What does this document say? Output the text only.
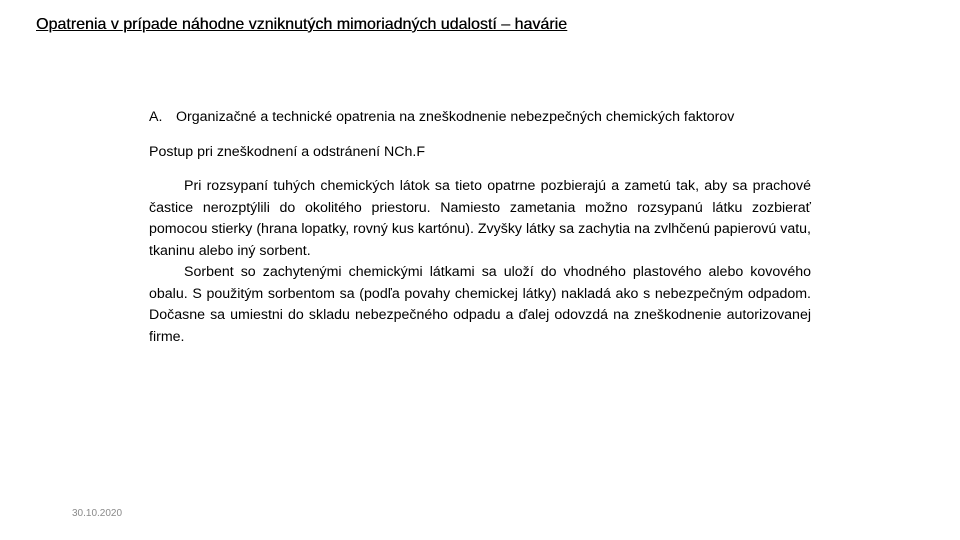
Opatrenia v prípade náhodne vzniknutých mimoriadných udalostí – havárie
A. Organizačné a technické opatrenia na zneškodnenie nebezpečných chemických faktorov
Postup pri zneškodnení a odstránení NCh.F

Pri rozsypaní tuhých chemických látok sa tieto opatrne pozbierajú a zametú tak, aby sa prachové častice nerozptýlili do okolitého priestoru. Namiesto zametania možno rozsypanú látku zozbierať pomocou stierky (hrana lopatky, rovný kus kartónu). Zvyšky látky sa zachytia na zvlhčenú papierovú vatu, tkaninu alebo iný sorbent.

Sorbent so zachytenými chemickými látkami sa uloží do vhodného plastového alebo kovového obalu. S použitým sorbentom sa (podľa povahy chemickej látky) nakladá ako s nebezpečným odpadom. Dočasne sa umiestni do skladu nebezpečného odpadu a ďalej odovzdá na zneškodnenie autorizovanej firme.

30.10.2020
